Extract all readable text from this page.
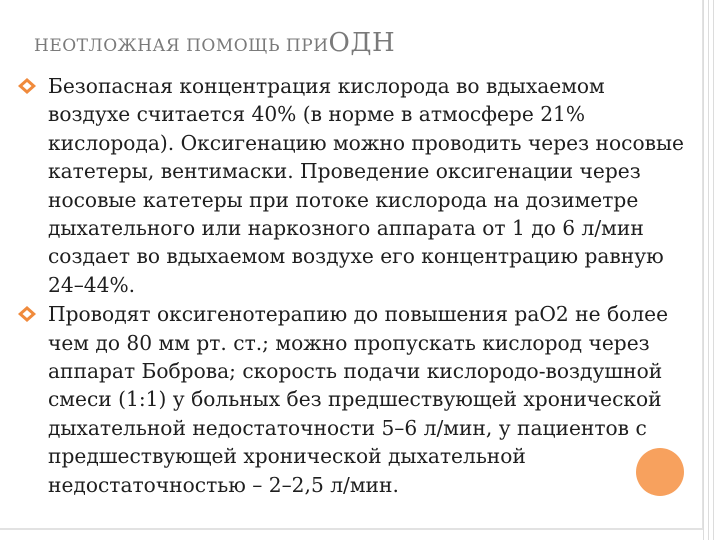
НЕОТЛОЖНАЯ ПОМОЩЬ ПРИОДН
Безопасная концентрация кислорода во вдыхаемом воздухе считается 40% (в норме в атмосфере 21% кислорода). Оксигенацию можно проводить через носовые катетеры, вентимаски. Проведение оксигенации через носовые катетеры при потоке кислорода на дозиметре дыхательного или наркозного аппарата от 1 до 6 л/мин создает во вдыхаемом воздухе его концентрацию равную 24–44%.
Проводят оксигенотерапию до повышения раО2 не более чем до 80 мм рт. ст.; можно пропускать кислород через аппарат Боброва; скорость подачи кислородо-воздушной смеси (1:1) у больных без предшествующей хронической дыхательной недостаточности 5–6 л/мин, у пациентов с предшествующей хронической дыхательной недостаточностью – 2–2,5 л/мин.
